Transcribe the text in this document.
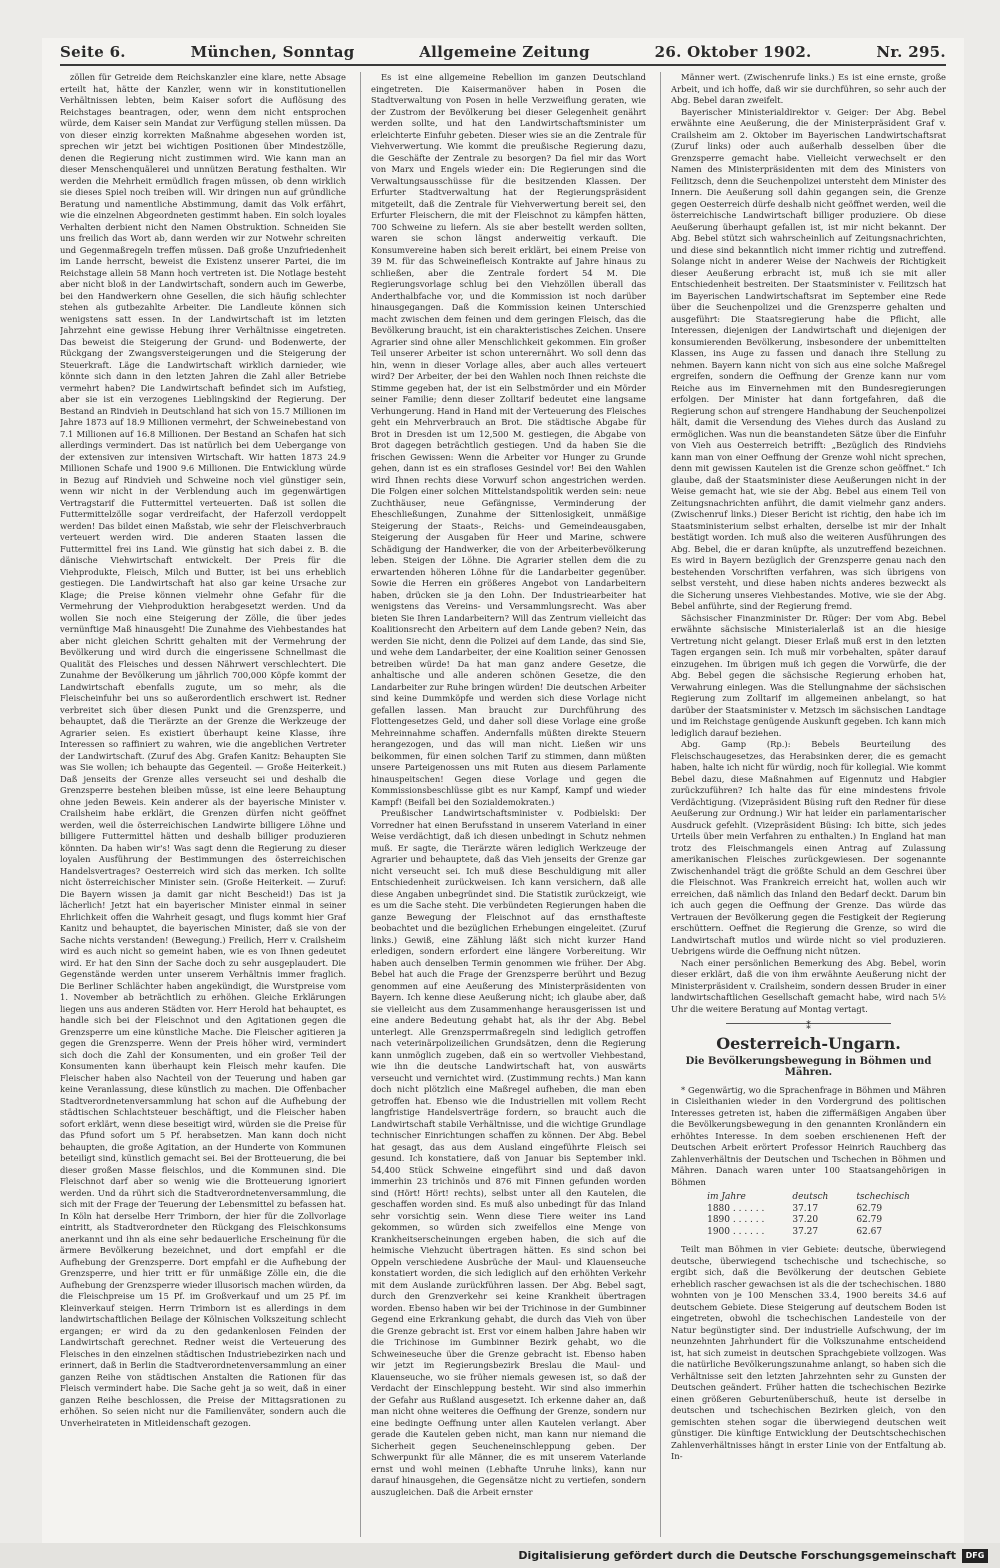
Seite 6.	München, Sonntag	Allgemeine Zeitung	26. Oktober 1902.	Nr. 295.

zöllen für Getreide dem Reichskanzler eine klare, nette Absage erteilt hat, hätte der Kanzler, wenn wir in konstitutionellen Verhältnissen lebten, beim Kaiser sofort die Auflösung des Reichstages beantragen, oder, wenn dem nicht entsprochen würde, dem Kaiser sein Mandat zur Verfügung stellen müssen. Da von dieser einzig korrekten Maßnahme abgesehen worden ist, sprechen wir jetzt bei wichtigen Positionen über Mindestzölle, denen die Regierung nicht zustimmen wird. Wie kann man an dieser Menschenquälerei und unnützen Beratung festhalten. Wir werden die Mehrheit ermüdlich fragen müssen, ob denn wirklich sie dieses Spiel noch treiben will. Wir dringen nun auf gründliche Beratung und namentliche Abstimmung, damit das Volk erfährt, wie die einzelnen Abgeordneten gestimmt haben. Ein solch loyales Verhalten derbient nicht den Namen Obstruktion. Schneiden Sie uns freilich das Wort ab, dann werden wir zur Notwehr schreiten und Gegenmaßregeln treffen müssen. Daß große Unzufriedenheit im Lande herrscht, beweist die Existenz unserer Partei, die im Reichstage allein 58 Mann hoch vertreten ist. Die Notlage besteht aber nicht bloß in der Landwirtschaft, sondern auch im Gewerbe, bei den Handwerkern ohne Gesellen, die sich häufig schlechter stehen als gutbezahlte Arbeiter. Die Landleute können sich wenigstens satt essen. In der Landwirtschaft ist im letzten Jahrzehnt eine gewisse Hebung ihrer Verhältnisse eingetreten. Das beweist die Steigerung der Grund- und Bodenwerte, der Rückgang der Zwangsversteigerungen und die Steigerung der Steuerkraft. Läge die Landwirtschaft wirklich darnieder, wie könnte sich dann in den letzten Jahren die Zahl aller Betriebe vermehrt haben? Die Landwirtschaft befindet sich im Aufstieg, aber sie ist ein verzogenes Lieblingskind der Regierung. Der Bestand an Rindvieh in Deutschland hat sich von 15.7 Millionen im Jahre 1873 auf 18.9 Millionen vermehrt, der Schweinebestand von 7.1 Millionen auf 16.8 Millionen. Der Bestand an Schafen hat sich allerdings vermindert. Das ist natürlich bei dem Uebergange von der extensiven zur intensiven Wirtschaft. Wir hatten 1873 24.9 Millionen Schafe und 1900 9.6 Millionen. Die Entwicklung würde in Bezug auf Rindvieh und Schweine noch viel günstiger sein, wenn wir nicht in der Verblendung auch im gegenwärtigen Vertragstarif die Futtermittel verteuerten. Daß ist sollen die Futtermittelzölle sogar verdreifacht, der Haferzoll verdoppelt werden! Das bildet einen Maßstab, wie sehr der Fleischverbrauch verteuert werden wird. Die anderen Staaten lassen die Futtermittel frei ins Land. Wie günstig hat sich dabei z. B. die dänische Viehwirtschaft entwickelt. Der Preis für die Viehprodukte, Fleisch, Milch und Butter, ist bei uns erheblich gestiegen. Die Landwirtschaft hat also gar keine Ursache zur Klage; die Preise können vielmehr ohne Gefahr für die Vermehrung der Viehproduktion herabgesetzt werden. Und da wollen Sie noch eine Steigerung der Zölle, die über jedes vernünftige Maß hinausgeht! Die Zunahme des Viehbestandes hat aber nicht gleichen Schritt gehalten mit der Vermehrung der Bevölkerung und wird durch die eingerissene Schnellmast die Qualität des Fleisches und dessen Nährwert verschlechtert. Die Zunahme der Bevölkerung um jährlich 700,000 Köpfe kommt der Landwirtschaft ebenfalls zugute, um so mehr, als die Fleischeinfuhr bei uns so außerordentlich erschwert ist. Redner verbreitet sich über diesen Punkt und die Grenzsperre, und behauptet, daß die Tierärzte an der Grenze die Werkzeuge der Agrarier seien. Es existiert überhaupt keine Klasse, ihre Interessen so raffiniert zu wahren, wie die angeblichen Vertreter der Landwirtschaft. (Zuruf des Abg. Grafen Kanitz: Behaupten Sie was Sie wollen; ich behaupte das Gegenteil. — Große Heiterkeit.) Daß jenseits der Grenze alles verseucht sei und deshalb die Grenzsperre bestehen bleiben müsse, ist eine leere Behauptung ohne jeden Beweis. Kein anderer als der bayerische Minister v. Crailsheim habe erklärt, die Grenzen dürfen nicht geöffnet werden, weil die österreichischen Landwirte billigere Löhne und billigere Futtermittel hätten und deshalb billiger produzieren könnten. Da haben wir's! Was sagt denn die Regierung zu dieser loyalen Ausführung der Bestimmungen des österreichischen Handelsvertrages? Oesterreich wird sich das merken. Ich sollte nicht österreichischer Minister sein. (Große Heiterkeit. — Zuruf: Die Bayern wissen ja damit gar nicht Bescheid!) Das ist ja lächerlich! Jetzt hat ein bayerischer Minister einmal in seiner Ehrlichkeit offen die Wahrheit gesagt, und flugs kommt hier Graf Kanitz und behauptet, die bayerischen Minister, daß sie von der Sache nichts verstanden! (Bewegung.) Freilich, Herr v. Crailsheim wird es auch nicht so gemeint haben, wie es von Ihnen gedeutet wird. Er hat den Sinn der Sache doch zu sehr ausgeplaudert. Die Gegenstände werden unter unserem Verhältnis immer fraglich. Die Berliner Schlächter haben angekündigt, die Wurstpreise vom 1. November ab beträchtlich zu erhöhen. Gleiche Erklärungen liegen uns aus anderen Städten vor. Herr Herold hat behauptet, es handle sich bei der Fleischnot und den Agitationen gegen die Grenzsperre um eine künstliche Mache. Die Fleischer agitieren ja gegen die Grenzsperre. Wenn der Preis höher wird, vermindert sich doch die Zahl der Konsumenten, und ein großer Teil der Konsumenten kann überhaupt kein Fleisch mehr kaufen. Die Fleischer haben also Nachteil von der Teuerung und haben gar keine Veranlassung, diese künstlich zu machen. Die Offenbacher Stadtverordnetenversammlung hat schon auf die Aufhebung der städtischen Schlachtsteuer beschäftigt, und die Fleischer haben sofort erklärt, wenn diese beseitigt wird, würden sie die Preise für das Pfund sofort um 5 Pf. herabsetzen. Man kann doch nicht behaupten, die große Agitation, an der Hunderte von Kommunen beteiligt sind, künstlich gemacht sei. Bei der Brotteuerung, die bei dieser großen Masse fleischlos, und die Kommunen sind. Die Fleischnot darf aber so wenig wie die Brotteuerung ignoriert werden. Und da rührt sich die Stadtverordnetenversammlung, die sich mit der Frage der Teuerung der Lebensmittel zu befassen hat. In Köln hat derselbe Herr Trimborn, der hier für die Zollvorlage eintritt, als Stadtverordneter den Rückgang des Fleischkonsums anerkannt und ihn als eine sehr bedauerliche Erscheinung für die ärmere Bevölkerung bezeichnet, und dort empfahl er die Aufhebung der Grenzsperre. Dort empfahl er die Aufhebung der Grenzsperre, und hier tritt er für unmäßige Zölle ein, die die Aufhebung der Grenzsperre wieder illusorisch machen würden, da die Fleischpreise um 15 Pf. im Großverkauf und um 25 Pf. im Kleinverkauf steigen. Herrn Trimborn ist es allerdings in dem landwirtschaftlichen Beilage der Kölnischen Volkszeitung schlecht ergangen; er wird da zu den gedankenlosen Feinden der Landwirtschaft gerechnet. Redner weist die Verteuerung des Fleisches in den einzelnen städtischen Industriebezirken nach und erinnert, daß in Berlin die Stadtverordnetenversammlung an einer ganzen Reihe von städtischen Anstalten die Rationen für das Fleisch vermindert habe. Die Sache geht ja so weit, daß in einer ganzen Reihe beschlossen, die Preise der Mittagsrationen zu erhöhen. So seien nicht nur die Familienväter, sondern auch die Unverheirateten in Mitleidenschaft gezogen.

Es ist eine allgemeine Rebellion im ganzen Deutschland eingetreten. Die Kaisermanöver haben in Posen die Stadtverwaltung von Posen in helle Verzweiflung geraten, wie der Zustrom der Bevölkerung bei dieser Gelegenheit genährt werden sollte, und hat den Landwirtschaftsminister um erleichterte Einfuhr gebeten. Dieser wies sie an die Zentrale für Viehverwertung. Wie kommt die preußische Regierung dazu, die Geschäfte der Zentrale zu besorgen? Da fiel mir das Wort von Marx und Engels wieder ein: Die Regierungen sind die Verwaltungsausschüsse für die besitzenden Klassen. Der Erfurter Stadtverwaltung hat der Regierungspräsident mitgeteilt, daß die Zentrale für Viehverwertung bereit sei, den Erfurter Fleischern, die mit der Fleischnot zu kämpfen hätten, 700 Schweine zu liefern. Als sie aber bestellt werden sollten, waren sie schon längst anderweitig verkauft. Die Konsumvereine haben sich bereit erklärt, bei einem Preise von 39 M. für das Schweinefleisch Kontrakte auf Jahre hinaus zu schließen, aber die Zentrale fordert 54 M. Die Regierungsvorlage schlug bei den Viehzöllen überall das Anderthalbfache vor, und die Kommission ist noch darüber hinausgegangen. Daß die Kommission keinen Unterschied macht zwischen dem feinen und dem geringen Fleisch, das die Bevölkerung braucht, ist ein charakteristisches Zeichen. Unsere Agrarier sind ohne aller Menschlichkeit gekommen. Ein großer Teil unserer Arbeiter ist schon unterernährt. Wo soll denn das hin, wenn in dieser Vorlage alles, aber auch alles verteuert wird? Der Arbeiter, der bei den Wahlen noch Ihnen reichste die Stimme gegeben hat, der ist ein Selbstmörder und ein Mörder seiner Familie; denn dieser Zolltarif bedeutet eine langsame Verhungerung. Hand in Hand mit der Verteuerung des Fleisches geht ein Mehrverbrauch an Brot. Die städtische Abgabe für Brot in Dresden ist um 12,500 M. gestiegen, die Abgabe von Brot dagegen beträchtlich gestiegen. Und da haben Sie die frischen Gewissen: Wenn die Arbeiter vor Hunger zu Grunde gehen, dann ist es ein strafloses Gesindel vor! Bei den Wahlen wird Ihnen rechts diese Vorwurf schon angestrichen werden. Die Folgen einer solchen Mittelstandspolitik werden sein: neue Zuchthäuser, neue Gefängnisse, Verminderung der Eheschließungen, Zunahme der Sittenlosigkeit, unmäßige Steigerung der Staats-, Reichs- und Gemeindeausgaben, Steigerung der Ausgaben für Heer und Marine, schwere Schädigung der Handwerker, die von der Arbeiterbevölkerung leben. Steigen der Löhne. Die Agrarier stellen dem die zu erwartenden höheren Löhne für die Landarbeiter gegenüber. Sowie die Herren ein größeres Angebot von Landarbeitern haben, drücken sie ja den Lohn. Der Industriearbeiter hat wenigstens das Vereins- und Versammlungsrecht. Was aber bieten Sie Ihren Landarbeitern? Will das Zentrum vielleicht das Koalitionsrecht den Arbeitern auf dem Lande geben? Nein, das werden Sie nicht, denn die Polizei auf dem Lande, das sind Sie, und wehe dem Landarbeiter, der eine Koalition seiner Genossen betreiben würde! Da hat man ganz andere Gesetze, die anhaltische und alle anderen schönen Gesetze, die den Landarbeiter zur Ruhe bringen würden! Die deutschen Arbeiter sind keine Dummköpfe und werden sich diese Vorlage nicht gefallen lassen. Man braucht zur Durchführung des Flottengesetzes Geld, und daher soll diese Vorlage eine große Mehreinnahme schaffen. Andernfalls müßten direkte Steuern herangezogen, und das will man nicht. Ließen wir uns beikommen, für einen solchen Tarif zu stimmen, dann müßten unsere Parteigenossen uns mit Ruten aus diesem Parlamente hinauspeitschen! Gegen diese Vorlage und gegen die Kommissionsbeschlüsse gibt es nur Kampf, Kampf und wieder Kampf! (Beifall bei den Sozialdemokraten.)

Preußischer Landwirtschaftsminister v. Podbielski: Der Vorredner hat einen Berufsstand in unserem Vaterland in einer Weise verdächtigt, daß ich diesen unbedingt in Schutz nehmen muß. Er sagte, die Tierärzte wären lediglich Werkzeuge der Agrarier und behauptete, daß das Vieh jenseits der Grenze gar nicht verseucht sei. Ich muß diese Beschuldigung mit aller Entschiedenheit zurückweisen. Ich kann versichern, daß alle diese Angaben unbegründet sind. Die Statistik zurückzeigt, wie es um die Sache steht. Die verbündeten Regierungen haben die ganze Bewegung der Fleischnot auf das ernsthafteste beobachtet und die bezüglichen Erhebungen eingeleitet. (Zuruf links.) Gewiß, eine Zählung läßt sich nicht kurzer Hand erledigen, sondern erfordert eine längere Vorbereitung. Wir haben auch denselben Termin genommen wie früher. Der Abg. Bebel hat auch die Frage der Grenzsperre berührt und Bezug genommen auf eine Aeußerung des Ministerpräsidenten von Bayern. Ich kenne diese Aeußerung nicht; ich glaube aber, daß sie vielleicht aus dem Zusammenhange herausgerissen ist und eine andere Bedeutung gehabt hat, als ihr der Abg. Bebel unterlegt. Alle Grenzsperrmaßregeln sind lediglich getroffen nach veterinärpolizeilichen Grundsätzen, denn die Regierung kann unmöglich zugeben, daß ein so wertvoller Viehbestand, wie ihn die deutsche Landwirtschaft hat, von auswärts verseucht und vernichtet wird. (Zustimmung rechts.) Man kann doch nicht plötzlich eine Maßregel aufheben, die man eben getroffen hat. Ebenso wie die Industriellen mit vollem Recht langfristige Handelsverträge fordern, so braucht auch die Landwirtschaft stabile Verhältnisse, und die wichtige Grundlage technischer Einrichtungen schaffen zu können. Der Abg. Bebel hat gesagt, das aus dem Ausland eingeführte Fleisch sei gesund. Ich konstatiere, daß von Januar bis September inkl. 54,400 Stück Schweine eingeführt sind und daß davon immerhin 23 trichinös und 876 mit Finnen gefunden worden sind (Hört! Hört! rechts), selbst unter all den Kautelen, die geschaffen worden sind. Es muß also unbedingt für das Inland sehr vorsichtig sein. Wenn diese Tiere weiter ins Land gekommen, so würden sich zweifellos eine Menge von Krankheitserscheinungen ergeben haben, die sich auf die heimische Viehzucht übertragen hätten. Es sind schon bei Oppeln verschiedene Ausbrüche der Maul- und Klauenseuche konstatiert worden, die sich lediglich auf den erhöhten Verkehr mit dem Auslande zurückführen lassen. Der Abg. Bebel sagt, durch den Grenzverkehr sei keine Krankheit übertragen worden. Ebenso haben wir bei der Trichinose in der Gumbinner Gegend eine Erkrankung gehabt, die durch das Vieh von über die Grenze gebracht ist. Erst vor einem halben Jahre haben wir die Trichinose im Gumbinner Bezirk gehabt, wo die Schweineseuche über die Grenze gebracht ist. Ebenso haben wir jetzt im Regierungsbezirk Breslau die Maul- und Klauenseuche, wo sie früher niemals gewesen ist, so daß der Verdacht der Einschleppung besteht. Wir sind also immerhin der Gefahr aus Rußland ausgesetzt. Ich erkenne daher an, daß man nicht ohne weiteres die Oeffnung der Grenze, sondern nur eine bedingte Oeffnung unter allen Kautelen verlangt. Aber gerade die Kautelen geben nicht, man kann nur niemand die Sicherheit gegen Seucheneinschleppung geben. Der Schwerpunkt für alle Männer, die es mit unserem Vaterlande ernst und wohl meinen (Lebhafte Unruhe links), kann nur darauf hinausgehen, die Gegensätze nicht zu vertiefen, sondern auszugleichen. Daß die Arbeit ernster

Männer wert. (Zwischenrufe links.) Es ist eine ernste, große Arbeit, und ich hoffe, daß wir sie durchführen, so sehr auch der Abg. Bebel daran zweifelt.

Bayerischer Ministerialdirektor v. Geiger: Der Abg. Bebel erwähnte eine Aeußerung, die der Ministerpräsident Graf v. Crailsheim am 2. Oktober im Bayerischen Landwirtschaftsrat (Zuruf links) oder auch außerhalb desselben über die Grenzsperre gemacht habe. Vielleicht verwechselt er den Namen des Ministerpräsidenten mit dem des Ministers von Feilitzsch, denn die Seuchenpolizei untersteht dem Minister des Innern. Die Aeußerung soll dahin gegangen sein, die Grenze gegen Oesterreich dürfe deshalb nicht geöffnet werden, weil die österreichische Landwirtschaft billiger produziere. Ob diese Aeußerung überhaupt gefallen ist, ist mir nicht bekannt. Der Abg. Bebel stützt sich wahrscheinlich auf Zeitungsnachrichten, und diese sind bekanntlich nicht immer richtig und zutreffend. Solange nicht in anderer Weise der Nachweis der Richtigkeit dieser Aeußerung erbracht ist, muß ich sie mit aller Entschiedenheit bestreiten. Der Staatsminister v. Feilitzsch hat im Bayerischen Landwirtschaftsrat im September eine Rede über die Seuchenpolizei und die Grenzsperre gehalten und ausgeführt: Die Staatsregierung habe die Pflicht, alle Interessen, diejenigen der Landwirtschaft und diejenigen der konsumierenden Bevölkerung, insbesondere der unbemittelten Klassen, ins Auge zu fassen und danach ihre Stellung zu nehmen. Bayern kann nicht von sich aus eine solche Maßregel ergreifen, sondern die Oeffnung der Grenze kann nur vom Reiche aus im Einvernehmen mit den Bundesregierungen erfolgen. Der Minister hat dann fortgefahren, daß die Regierung schon auf strengere Handhabung der Seuchenpolizei hält, damit die Versendung des Viehes durch das Ausland zu ermöglichen. Was nun die beanstandeten Sätze über die Einfuhr von Vieh aus Oesterreich betrifft: „Bezüglich des Rindviehs kann man von einer Oeffnung der Grenze wohl nicht sprechen, denn mit gewissen Kautelen ist die Grenze schon geöffnet.“ Ich glaube, daß der Staatsminister diese Aeußerungen nicht in der Weise gemacht hat, wie sie der Abg. Bebel aus einem Teil von Zeitungsnachrichten anführt, die damit vielmehr ganz anders. (Zwischenruf links.) Dieser Bericht ist richtig, den habe ich im Staatsministerium selbst erhalten, derselbe ist mir der Inhalt bestätigt worden. Ich muß also die weiteren Ausführungen des Abg. Bebel, die er daran knüpfte, als unzutreffend bezeichnen. Es wird in Bayern bezüglich der Grenzsperre genau nach den bestehenden Vorschriften verfahren, was sich übrigens von selbst versteht, und diese haben nichts anderes bezweckt als die Sicherung unseres Viehbestandes. Motive, wie sie der Abg. Bebel anführte, sind der Regierung fremd.

Sächsischer Finanzminister Dr. Rüger: Der vom Abg. Bebel erwähnte sächsische Ministerialerlaß ist an die hiesige Vertretung nicht gelangt. Dieser Erlaß muß erst in den letzten Tagen ergangen sein. Ich muß mir vorbehalten, später darauf einzugehen. Im übrigen muß ich gegen die Vorwürfe, die der Abg. Bebel gegen die sächsische Regierung erhoben hat, Verwahrung einlegen. Was die Stellungnahme der sächsischen Regierung zum Zolltarif im allgemeinen anbelangt, so hat darüber der Staatsminister v. Metzsch im sächsischen Landtage und im Reichstage genügende Auskunft gegeben. Ich kann mich lediglich darauf beziehen.

Abg. Gamp (Rp.): Bebels Beurteilung des Fleischschaugesetzes, das Herabsinken derer, die es gemacht haben, halte ich nicht für würdig, noch für kollegial. Wie kommt Bebel dazu, diese Maßnahmen auf Eigennutz und Habgier zurückzuführen? Ich halte das für eine mindestens frivole Verdächtigung. (Vizepräsident Büsing ruft den Redner für diese Aeußerung zur Ordnung.) Wir hat leider ein parlamentarischer Ausdruck gefehlt. (Vizepräsident Büsing: Ich bitte, sich jedes Urteils über mein Verfahren zu enthalten.) In England hat man trotz des Fleischmangels einen Antrag auf Zulassung amerikanischen Fleisches zurückgewiesen. Der sogenannte Zwischenhandel trägt die größte Schuld an dem Geschrei über die Fleischnot. Was Frankreich erreicht hat, wollen auch wir erreichen, daß nämlich das Inland den Bedarf deckt. Darum bin ich auch gegen die Oeffnung der Grenze. Das würde das Vertrauen der Bevölkerung gegen die Festigkeit der Regierung erschüttern. Oeffnet die Regierung die Grenze, so wird die Landwirtschaft mutlos und würde nicht so viel produzieren. Uebrigens würde die Oeffnung nicht nützen.

Nach einer persönlichen Bemerkung des Abg. Bebel, worin dieser erklärt, daß die von ihm erwähnte Aeußerung nicht der Ministerpräsident v. Crailsheim, sondern dessen Bruder in einer landwirtschaftlichen Gesellschaft gemacht habe, wird nach 5½ Uhr die weitere Beratung auf Montag vertagt.

⁑
Oesterreich-Ungarn.
Die Bevölkerungsbewegung in Böhmen und Mähren.

* Gegenwärtig, wo die Sprachenfrage in Böhmen und Mähren in Cisleithanien wieder in den Vordergrund des politischen Interesses getreten ist, haben die ziffermäßigen Angaben über die Bevölkerungsbewegung in den genannten Kronländern ein erhöhtes Interesse. In dem soeben erschienenen Heft der Deutschen Arbeit erörtert Professor Heinrich Rauchberg das Zahlenverhältnis der Deutschen und Tschechen in Böhmen und Mähren. Danach waren unter 100 Staatsangehörigen in Böhmen

im Jahre	deutsch	tschechisch
1880 . . . . . .	37.17	62.79
1890 . . . . . .	37.20	62.79
1900 . . . . . .	37.27	62.67

Teilt man Böhmen in vier Gebiete: deutsche, überwiegend deutsche, überwiegend tschechische und tschechische, so ergibt sich, daß die Bevölkerung der deutschen Gebiete erheblich rascher gewachsen ist als die der tschechischen. 1880 wohnten von je 100 Menschen 33.4, 1900 bereits 34.6 auf deutschem Gebiete. Diese Steigerung auf deutschem Boden ist eingetreten, obwohl die tschechischen Landesteile von der Natur begünstigter sind. Der industrielle Aufschwung, der im neunzehnten Jahrhundert für die Volkszunahme entscheidend ist, hat sich zumeist in deutschen Sprachgebiete vollzogen. Was die natürliche Bevölkerungszunahme anlangt, so haben sich die Verhältnisse seit den letzten Jahrzehnten sehr zu Gunsten der Deutschen geändert. Früher hatten die tschechischen Bezirke einen größeren Geburtenüberschuß, heute ist derselbe in deutschen und tschechischen Bezirken gleich, von den gemischten stehen sogar die überwiegend deutschen weit günstiger. Die künftige Entwicklung der Deutschtschechischen Zahlenverhältnisses hängt in erster Linie von der Entfaltung ab. In-

Digitalisierung gefördert durch die Deutsche Forschungsgemeinschaft	DFG
